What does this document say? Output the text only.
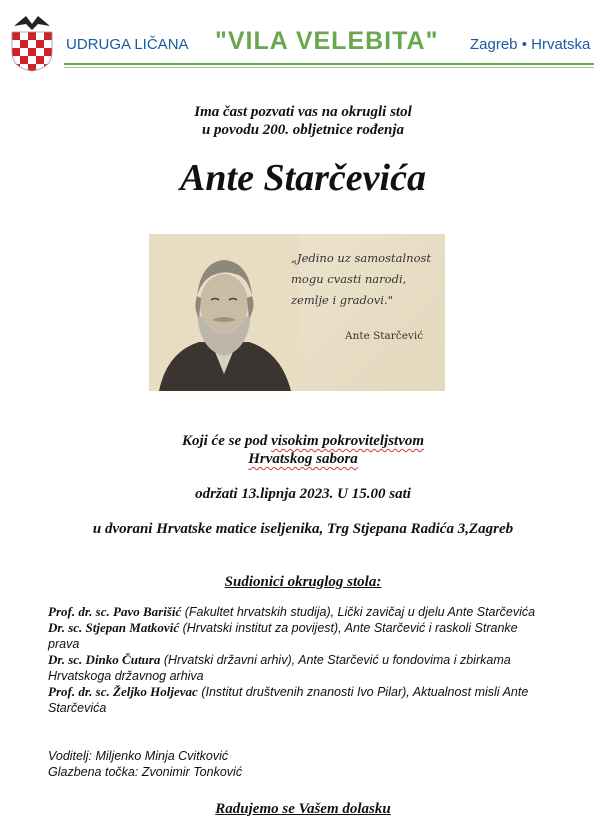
UDRUGA LIČANA "VILA VELEBITA" Zagreb • Hrvatska
Ima čast pozvati vas na okrugli stol
u povodu 200. obljetnice rođenja
Ante Starčevića
„Jedino uz samostalnost
mogu cvasti narodi,
zemlje i gradovi."
Ante Starčević
Koji će se pod visokim pokroviteljstvom
Hrvatskog sabora
održati 13.lipnja 2023. U 15.00 sati
u dvorani Hrvatske matice iseljenika, Trg Stjepana Radića 3,Zagreb
Sudionici okruglog stola:
Prof. dr. sc. Pavo Barišić (Fakultet hrvatskih studija), Lički zavičaj u djelu Ante Starčevića
Dr. sc. Stjepan Matković (Hrvatski institut za povijest), Ante Starčević i raskoli Stranke prava
Dr. sc. Dinko Čutura (Hrvatski državni arhiv), Ante Starčević u fondovima i zbirkama Hrvatskoga državnog arhiva
Prof. dr. sc. Željko Holjevac (Institut društvenih znanosti Ivo Pilar), Aktualnost misli Ante Starčevića
Voditelj: Miljenko Minja Cvitković
Glazbena točka: Zvonimir Tonković
Radujemo se Vašem dolasku
